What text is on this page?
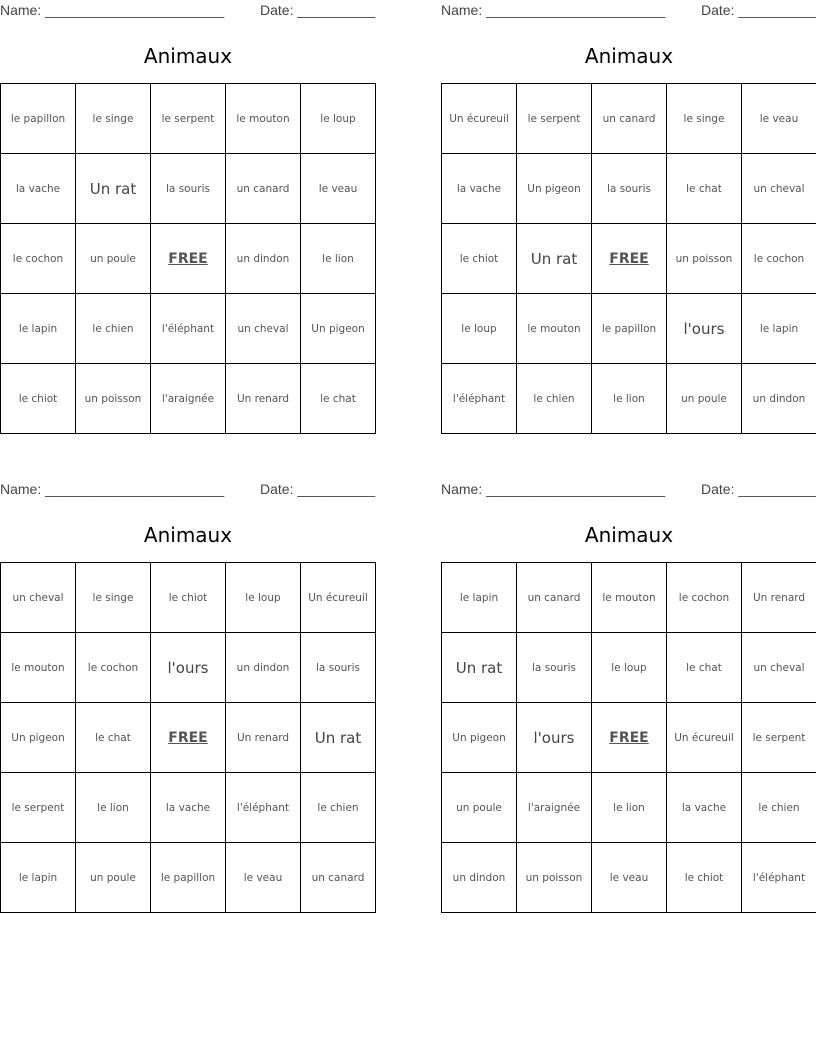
Name: _______________________	Date: __________
Animaux
le papillon	le singe	le serpent	le mouton	le loup
la vache	Un rat	la souris	un canard	le veau
le cochon	un poule	FREE	un dindon	le lion
le lapin	le chien	l'éléphant	un cheval	Un pigeon
le chiot	un poisson	l'araignée	Un renard	le chat
Name: _______________________	Date: __________
Animaux
Un écureuil	le serpent	un canard	le singe	le veau
la vache	Un pigeon	la souris	le chat	un cheval
le chiot	Un rat	FREE	un poisson	le cochon
le loup	le mouton	le papillon	l'ours	le lapin
l'éléphant	le chien	le lion	un poule	un dindon
Name: _______________________	Date: __________
Animaux
un cheval	le singe	le chiot	le loup	Un écureuil
le mouton	le cochon	l'ours	un dindon	la souris
Un pigeon	le chat	FREE	Un renard	Un rat
le serpent	le lion	la vache	l'éléphant	le chien
le lapin	un poule	le papillon	le veau	un canard
Name: _______________________	Date: __________
Animaux
le lapin	un canard	le mouton	le cochon	Un renard
Un rat	la souris	le loup	le chat	un cheval
Un pigeon	l'ours	FREE	Un écureuil	le serpent
un poule	l'araignée	le lion	la vache	le chien
un dindon	un poisson	le veau	le chiot	l'éléphant
